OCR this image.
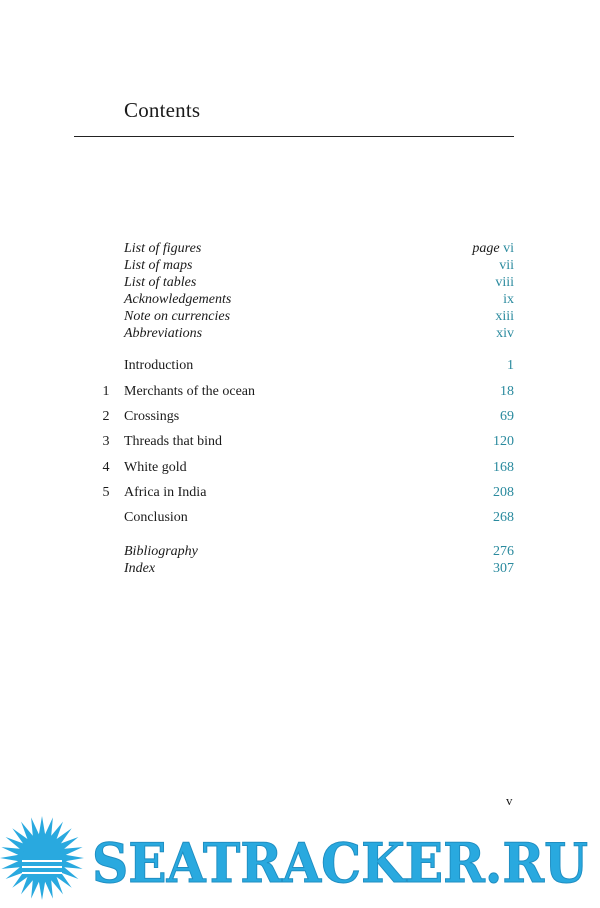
Contents
List of figures	page vi
List of maps	vii
List of tables	viii
Acknowledgements	ix
Note on currencies	xiii
Abbreviations	xiv
Introduction	1
1 Merchants of the ocean	18
2 Crossings	69
3 Threads that bind	120
4 White gold	168
5 Africa in India	208
Conclusion	268
Bibliography	276
Index	307
v
SEATRACKER.RU
